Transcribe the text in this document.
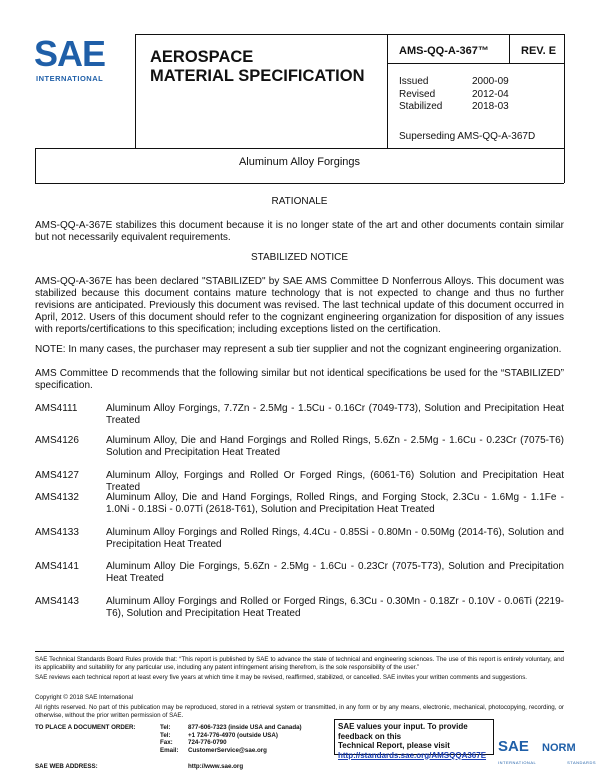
SAE
INTERNATIONAL
AEROSPACE
MATERIAL SPECIFICATION
AMS-QQ-A-367™	REV. E
Issued	2000-09
Revised	2012-04
Stabilized	2018-03
Superseding AMS-QQ-A-367D
Aluminum Alloy Forgings
RATIONALE
AMS-QQ-A-367E stabilizes this document because it is no longer state of the art and other documents contain similar but not necessarily equivalent requirements.
STABILIZED NOTICE
AMS-QQ-A-367E has been declared "STABILIZED" by SAE AMS Committee D Nonferrous Alloys. This document was stabilized because this document contains mature technology that is not expected to change and thus no further revisions are anticipated. Previously this document was revised. The last technical update of this document occurred in April, 2012. Users of this document should refer to the cognizant engineering organization for disposition of any issues with reports/certifications to this specification; including exceptions listed on the certification.
NOTE: In many cases, the purchaser may represent a sub tier supplier and not the cognizant engineering organization.
AMS Committee D recommends that the following similar but not identical specifications be used for the “STABILIZED” specification.
AMS4111	Aluminum Alloy Forgings, 7.7Zn - 2.5Mg - 1.5Cu - 0.16Cr (7049-T73), Solution and Precipitation Heat Treated
AMS4126	Aluminum Alloy, Die and Hand Forgings and Rolled Rings, 5.6Zn - 2.5Mg - 1.6Cu - 0.23Cr (7075-T6) Solution and Precipitation Heat Treated
AMS4127	Aluminum Alloy, Forgings and Rolled Or Forged Rings, (6061-T6) Solution and Precipitation Heat Treated
AMS4132	Aluminum Alloy, Die and Hand Forgings, Rolled Rings, and Forging Stock, 2.3Cu - 1.6Mg - 1.1Fe - 1.0Ni - 0.18Si - 0.07Ti (2618-T61), Solution and Precipitation Heat Treated
AMS4133	Aluminum Alloy Forgings and Rolled Rings, 4.4Cu - 0.85Si - 0.80Mn - 0.50Mg (2014-T6), Solution and Precipitation Heat Treated
AMS4141	Aluminum Alloy Die Forgings, 5.6Zn - 2.5Mg - 1.6Cu - 0.23Cr (7075-T73), Solution and Precipitation Heat Treated
AMS4143	Aluminum Alloy Forgings and Rolled or Forged Rings, 6.3Cu - 0.30Mn - 0.18Zr - 0.10V - 0.06Ti (2219-T6), Solution and Precipitation Heat Treated
SAE Technical Standards Board Rules provide that: “This report is published by SAE to advance the state of technical and engineering sciences. The use of this report is entirely voluntary, and its applicability and suitability for any particular use, including any patent infringement arising therefrom, is the sole responsibility of the user.”
SAE reviews each technical report at least every five years at which time it may be revised, reaffirmed, stabilized, or cancelled. SAE invites your written comments and suggestions.
Copyright © 2018 SAE International
All rights reserved. No part of this publication may be reproduced, stored in a retrieval system or transmitted, in any form or by any means, electronic, mechanical, photocopying, recording, or otherwise, without the prior written permission of SAE.
TO PLACE A DOCUMENT ORDER:	Tel:	877-606-7323 (inside USA and Canada)
Tel:	+1 724-776-4970 (outside USA)
Fax:	724-776-0790
Email:	CustomerService@sae.org
SAE WEB ADDRESS:	http://www.sae.org
SAE values your input. To provide feedback on this
Technical Report, please visit
http://standards.sae.org/AMSQQA367E SAE NORM
INTERNATIONAL	STANDARDS
